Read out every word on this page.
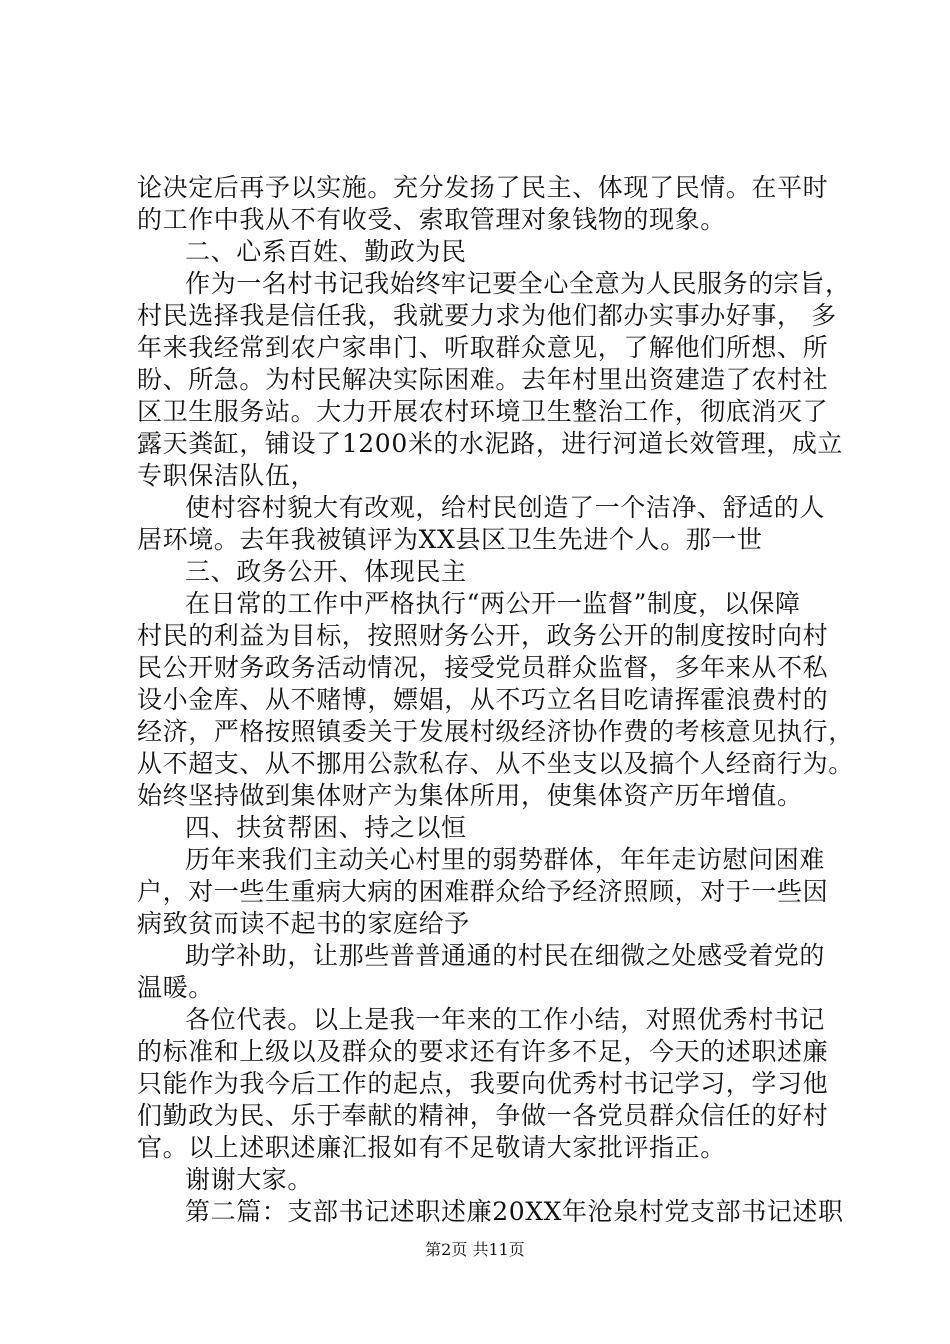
论决定后再予以实施。充分发扬了民主、体现了民情。在平时
的工作中我从不有收受、索取管理对象钱物的现象。
二、心系百姓、勤政为民
作为一名村书记我始终牢记要全心全意为人民服务的宗旨，
村民选择我是信任我，我就要力求为他们都办实事办好事， 多
年来我经常到农户家串门、听取群众意见，了解他们所想、所
盼、所急。为村民解决实际困难。去年村里出资建造了农村社
区卫生服务站。大力开展农村环境卫生整治工作，彻底消灭了
露天粪缸，铺设了1200米的水泥路，进行河道长效管理，成立
专职保洁队伍，
使村容村貌大有改观，给村民创造了一个洁净、舒适的人
居环境。去年我被镇评为XX县区卫生先进个人。那一世
三、政务公开、体现民主
在日常的工作中严格执行“两公开一监督”制度，以保障
村民的利益为目标，按照财务公开，政务公开的制度按时向村
民公开财务政务活动情况，接受党员群众监督，多年来从不私
设小金库、从不赌博，嫖娼，从不巧立名目吃请挥霍浪费村的
经济，严格按照镇委关于发展村级经济协作费的考核意见执行，
从不超支、从不挪用公款私存、从不坐支以及搞个人经商行为。
始终坚持做到集体财产为集体所用，使集体资产历年增值。
四、扶贫帮困、持之以恒
历年来我们主动关心村里的弱势群体，年年走访慰问困难
户，对一些生重病大病的困难群众给予经济照顾，对于一些因
病致贫而读不起书的家庭给予
助学补助，让那些普普通通的村民在细微之处感受着党的
温暖。
各位代表。以上是我一年来的工作小结，对照优秀村书记
的标准和上级以及群众的要求还有许多不足，今天的述职述廉
只能作为我今后工作的起点，我要向优秀村书记学习，学习他
们勤政为民、乐于奉献的精神，争做一各党员群众信任的好村
官。以上述职述廉汇报如有不足敬请大家批评指正。
谢谢大家。
第二篇：支部书记述职述廉20XX年沧泉村党支部书记述职
第2页 共11页
